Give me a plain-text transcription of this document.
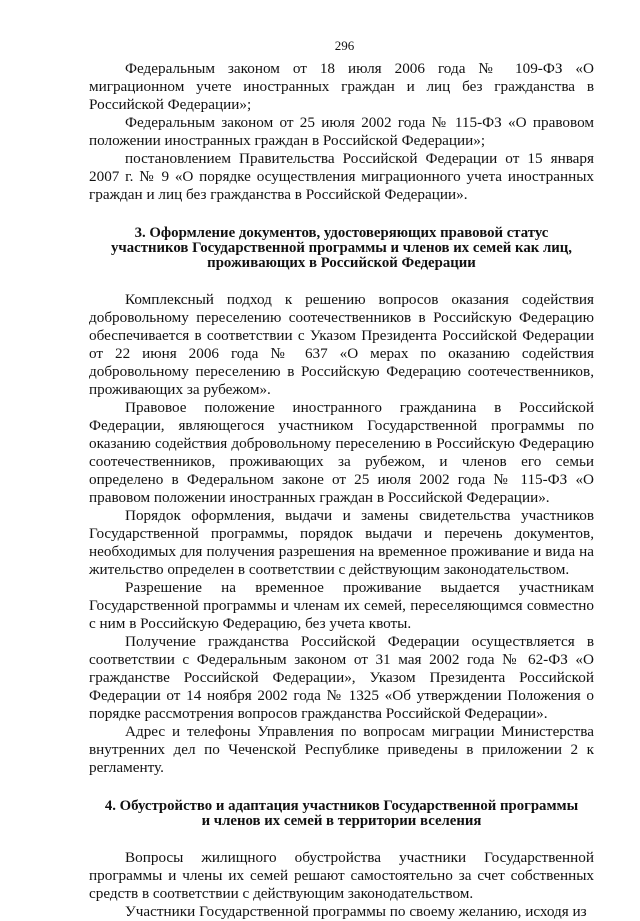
296

Федеральным законом от 18 июля 2006 года № 109-ФЗ «О миграционном учете иностранных граждан и лиц без гражданства в Российской Федерации»;

Федеральным законом от 25 июля 2002 года № 115-ФЗ «О правовом положении иностранных граждан в Российской Федерации»;

постановлением Правительства Российской Федерации от 15 января 2007 г. № 9 «О порядке осуществления миграционного учета иностранных граждан и лиц без гражданства в Российской Федерации».

3. Оформление документов, удостоверяющих правовой статус
участников Государственной программы и членов их семей как лиц,
проживающих в Российской Федерации

Комплексный подход к решению вопросов оказания содействия добровольному переселению соотечественников в Российскую Федерацию обеспечивается в соответствии с Указом Президента Российской Федерации от 22 июня 2006 года № 637 «О мерах по оказанию содействия добровольному переселению в Российскую Федерацию соотечественников, проживающих за рубежом».

Правовое положение иностранного гражданина в Российской Федерации, являющегося участником Государственной программы по оказанию содействия добровольному переселению в Российскую Федерацию соотечественников, проживающих за рубежом, и членов его семьи определено в Федеральном законе от 25 июля 2002 года № 115-ФЗ «О правовом положении иностранных граждан в Российской Федерации».

Порядок оформления, выдачи и замены свидетельства участников Государственной программы, порядок выдачи и перечень документов, необходимых для получения разрешения на временное проживание и вида на жительство определен в соответствии с действующим законодательством.

Разрешение на временное проживание выдается участникам Государственной программы и членам их семей, переселяющимся совместно с ним в Российскую Федерацию, без учета квоты.

Получение гражданства Российской Федерации осуществляется в соответствии с Федеральным законом от 31 мая 2002 года № 62-ФЗ «О гражданстве Российской Федерации», Указом Президента Российской Федерации от 14 ноября 2002 года № 1325 «Об утверждении Положения о порядке рассмотрения вопросов гражданства Российской Федерации».

Адрес и телефоны Управления по вопросам миграции Министерства внутренних дел по Чеченской Республике приведены в приложении 2 к регламенту.

4. Обустройство и адаптация участников Государственной программы
и членов их семей в территории вселения

Вопросы жилищного обустройства участники Государственной программы и члены их семей решают самостоятельно за счет собственных средств в соответствии с действующим законодательством.

Участники Государственной программы по своему желанию, исходя из
